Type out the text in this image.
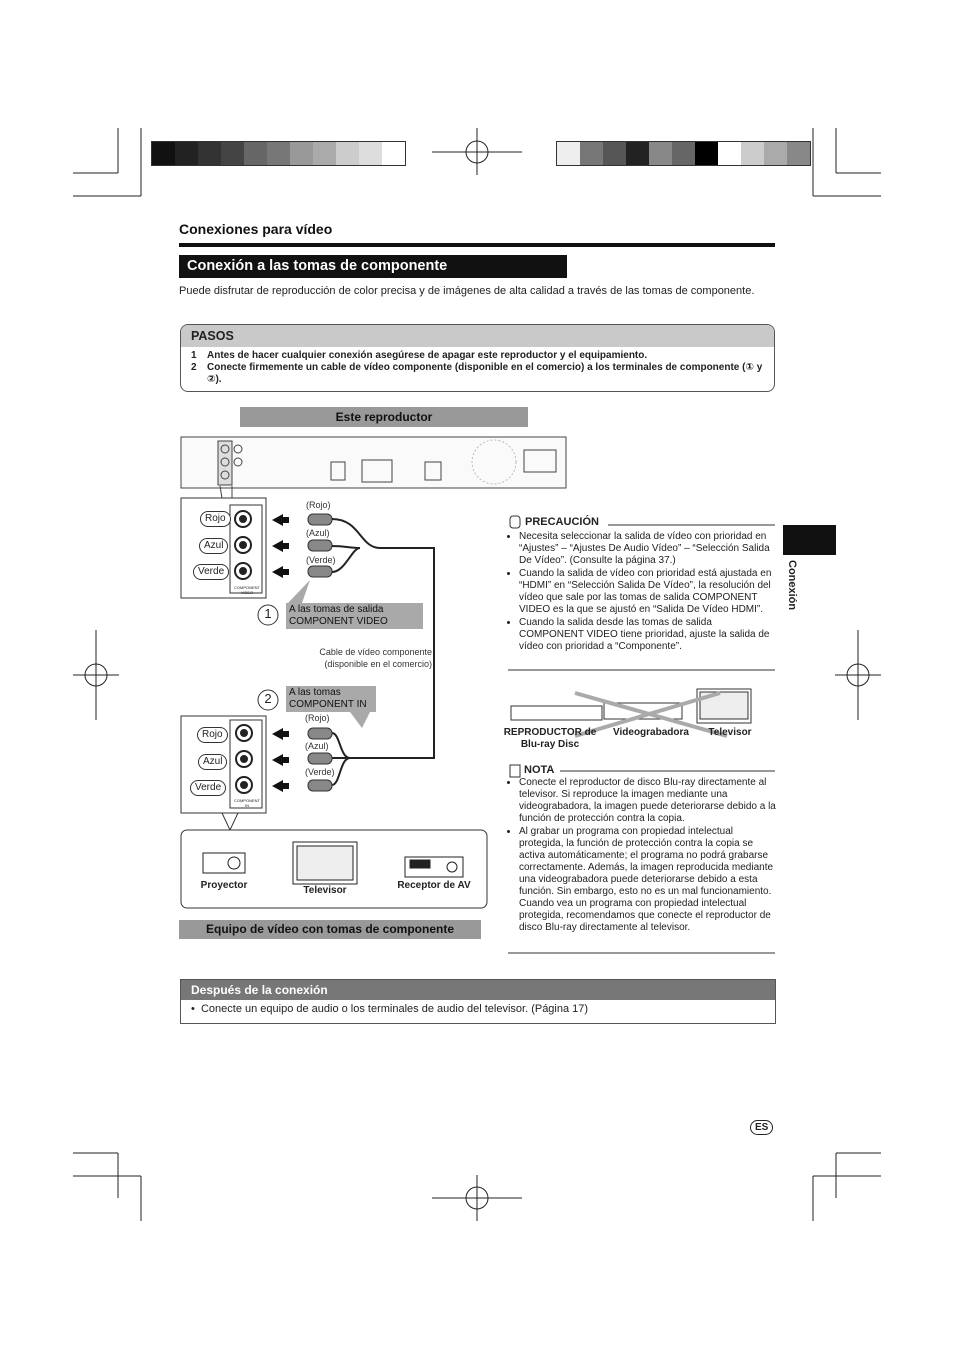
Conexiones para vídeo
Conexión a las tomas de componente
Puede disfrutar de reproducción de color precisa y de imágenes de alta calidad a través de las tomas de componente.
PASOS
1	Antes de hacer cualquier conexión asegúrese de apagar este reproductor y el equipamiento.
2	Conecte firmemente un cable de vídeo componente (disponible en el comercio) a los terminales de componente (① y ②).
Este reproductor
Rojo
Azul
Verde
Rojo
Azul
Verde
COMPONENT VIDEO
COMPONENT IN
(Rojo)
(Azul)
(Verde)
(Rojo)
(Azul)
(Verde)
1
2
A las tomas de salida COMPONENT VIDEO
A las tomas COMPONENT IN
Cable de vídeo componente (disponible en el comercio)
Proyector	Televisor	Receptor de AV
Equipo de vídeo con tomas de componente
PRECAUCIÓN
• Necesita seleccionar la salida de vídeo con prioridad en “Ajustes” – “Ajustes De Audio Vídeo” – “Selección Salida De Vídeo”. (Consulte la página 37.)
• Cuando la salida de vídeo con prioridad está ajustada en “HDMI” en “Selección Salida De Vídeo”, la resolución del vídeo que sale por las tomas de salida COMPONENT VIDEO es la que se ajustó en “Salida De Vídeo HDMI”.
• Cuando la salida desde las tomas de salida COMPONENT VIDEO tiene prioridad, ajuste la salida de vídeo con prioridad a “Componente”.
REPRODUCTOR de Blu-ray Disc
Videograbadora	Televisor
NOTA
• Conecte el reproductor de disco Blu-ray directamente al televisor. Si reproduce la imagen mediante una videograbadora, la imagen puede deteriorarse debido a la función de protección contra la copia.
• Al grabar un programa con propiedad intelectual protegida, la función de protección contra la copia se activa automáticamente; el programa no podrá grabarse correctamente. Además, la imagen reproducida mediante una videograbadora puede deteriorarse debido a esta función. Sin embargo, esto no es un mal funcionamiento. Cuando vea un programa con propiedad intelectual protegida, recomendamos que conecte el reproductor de disco Blu-ray directamente al televisor.
Después de la conexión
•  Conecte un equipo de audio o los terminales de audio del televisor. (Página 17)
Conexión
ES
